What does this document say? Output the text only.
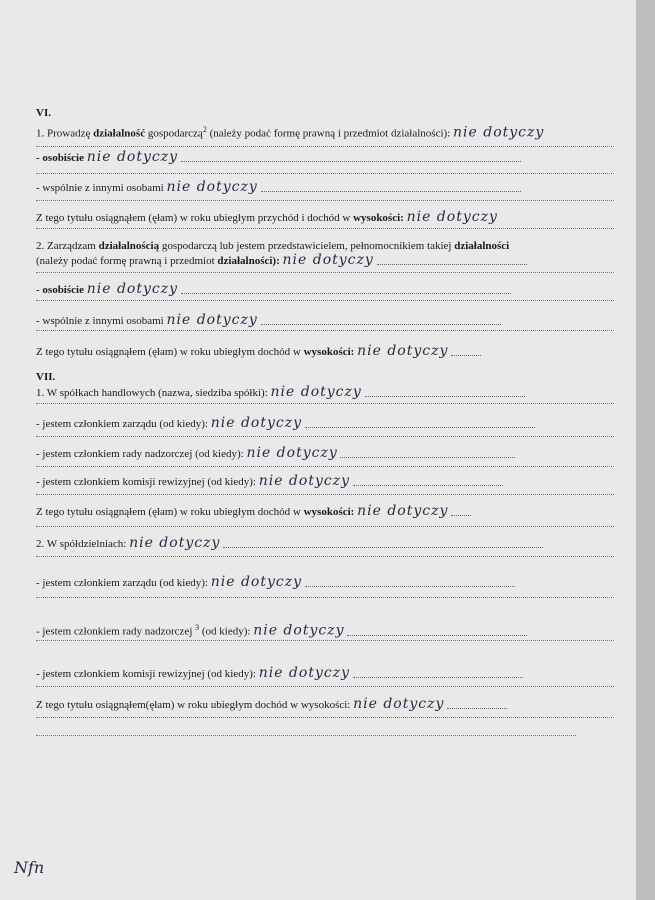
VI.
1. Prowadzę działalność gospodarczą$^2$ (należy podać formę prawną i przedmiot działalności): nie dotyczy
- osobiście nie dotyczy
- wspólnie z innymi osobami nie dotyczy
Z tego tytułu osiągnąłem (ęłam) w roku ubiegłym przychód i dochód w wysokości: nie dotyczy
2. Zarządzam działalnością gospodarczą lub jestem przedstawicielem, pełnomocnikiem takiej działalności
(należy podać formę prawną i przedmiot działalności): nie dotyczy
- osobiście nie dotyczy
- wspólnie z innymi osobami nie dotyczy
Z tego tytułu osiągnąłem (ęłam) w roku ubiegłym dochód w wysokości: nie dotyczy
VII.
1. W spółkach handlowych (nazwa, siedziba spółki): nie dotyczy
- jestem członkiem zarządu (od kiedy): nie dotyczy
- jestem członkiem rady nadzorczej (od kiedy): nie dotyczy
- jestem członkiem komisji rewizyjnej (od kiedy): nie dotyczy
Z tego tytułu osiągnąłem (ęłam) w roku ubiegłym dochód w wysokości: nie dotyczy
2. W spółdzielniach: nie dotyczy
- jestem członkiem zarządu (od kiedy): nie dotyczy
- jestem członkiem rady nadzorczej $^3$ (od kiedy): nie dotyczy
- jestem członkiem komisji rewizyjnej (od kiedy): nie dotyczy
Z tego tytułu osiągnąłem(ęłam) w roku ubiegłym dochód w wysokości: nie dotyczy
Nfn
